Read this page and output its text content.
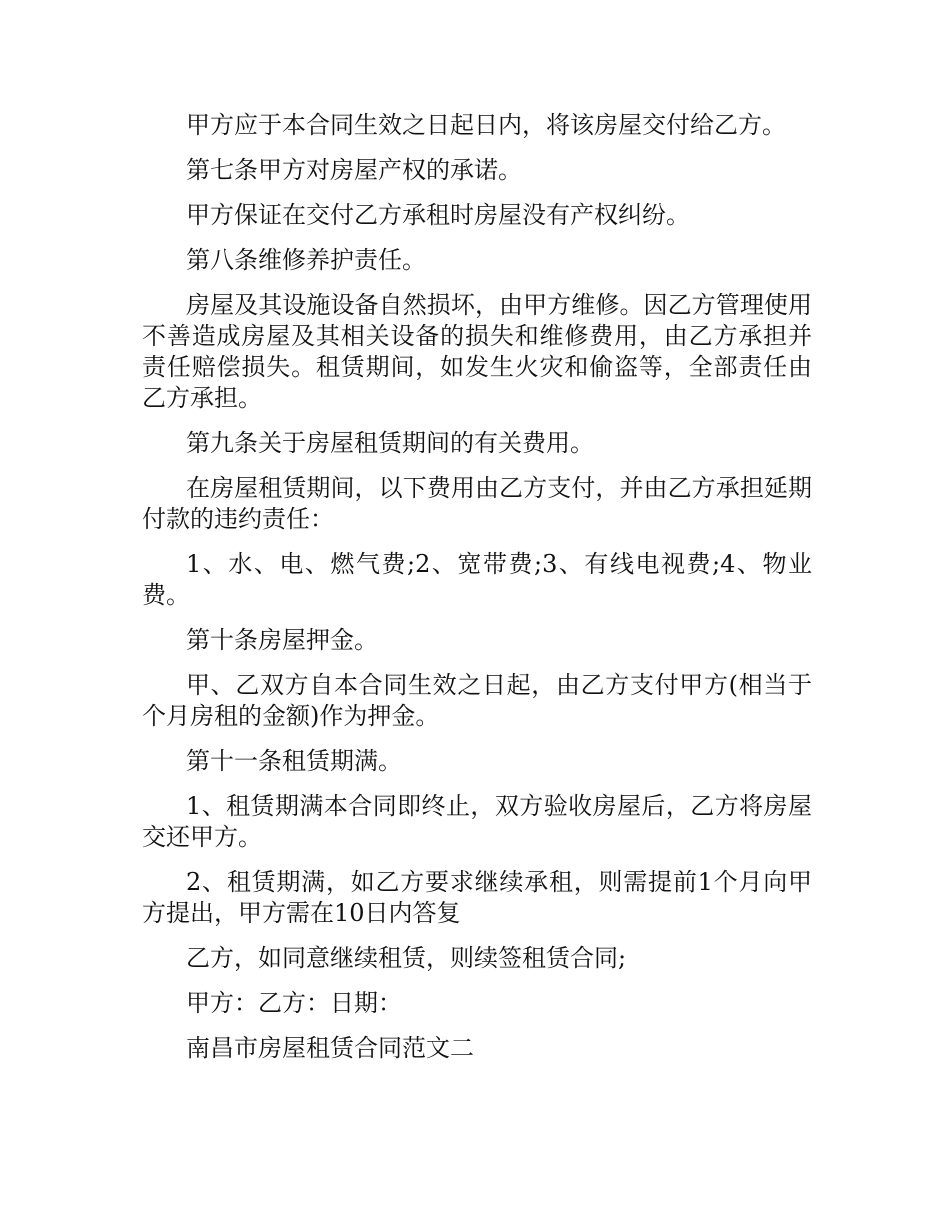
甲方应于本合同生效之日起日内，将该房屋交付给乙方。

第七条甲方对房屋产权的承诺。

甲方保证在交付乙方承租时房屋没有产权纠纷。

第八条维修养护责任。

房屋及其设施设备自然损坏，由甲方维修。因乙方管理使用不善造成房屋及其相关设备的损失和维修费用，由乙方承担并责任赔偿损失。租赁期间，如发生火灾和偷盗等，全部责任由乙方承担。

第九条关于房屋租赁期间的有关费用。

在房屋租赁期间，以下费用由乙方支付，并由乙方承担延期付款的违约责任：

1、水、电、燃气费;2、宽带费;3、有线电视费;4、物业费。

第十条房屋押金。

甲、乙双方自本合同生效之日起，由乙方支付甲方(相当于个月房租的金额)作为押金。

第十一条租赁期满。

1、租赁期满本合同即终止，双方验收房屋后，乙方将房屋交还甲方。

2、租赁期满，如乙方要求继续承租，则需提前1个月向甲方提出，甲方需在10日内答复

乙方，如同意继续租赁，则续签租赁合同;

甲方：乙方：日期：

南昌市房屋租赁合同范文二
